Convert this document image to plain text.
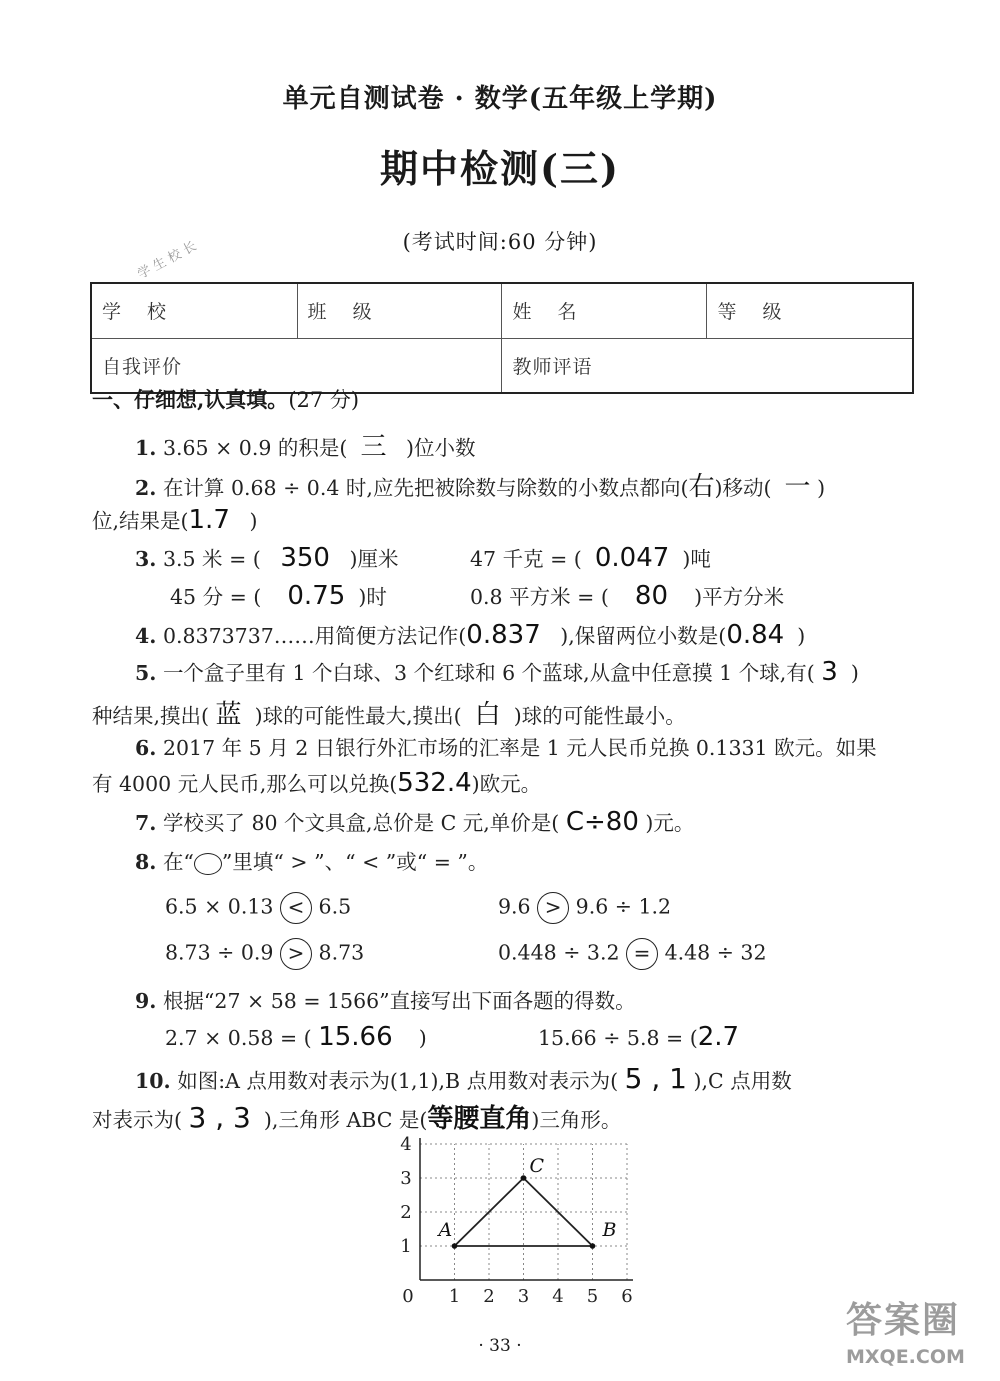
单元自测试卷 · 数学(五年级上学期)
期中检测(三)
(考试时间:60 分钟)
学 生 校 长
学 校	班 级	姓 名	等 级
自我评价		教师评语	
一、仔细想,认真填。(27 分)
1. 3.65 × 0.9 的积是( 三 )位小数
2. 在计算 0.68 ÷ 0.4 时,应先把被除数与除数的小数点都向(右)移动( 一 )
位,结果是(1.7 )
3. 3.5 米 = ( 350 )厘米	47 千克 = ( 0.047 )吨
45 分 = ( 0.75 )时	0.8 平方米 = ( 80 )平方分米
4. 0.8373737……用简便方法记作(0.837 ),保留两位小数是(0.84 )
5. 一个盒子里有 1 个白球、3 个红球和 6 个蓝球,从盒中任意摸 1 个球,有( 3 )
种结果,摸出( 蓝 )球的可能性最大,摸出( 白 )球的可能性最小。
6. 2017 年 5 月 2 日银行外汇市场的汇率是 1 元人民币兑换 0.1331 欧元。如果
有 4000 元人民币,那么可以兑换(532.4)欧元。
7. 学校买了 80 个文具盒,总价是 C 元,单价是( C÷80 )元。
8. 在“ ”里填“ > ”、“ < ”或“ = ”。
6.5 × 0.13 < 6.5	9.6 > 9.6 ÷ 1.2
8.73 ÷ 0.9 > 8.73	0.448 ÷ 3.2 = 4.48 ÷ 32
9. 根据“27 × 58 = 1566”直接写出下面各题的得数。
2.7 × 0.58 = ( 15.66 )	15.66 ÷ 5.8 = (2.7
10. 如图:A 点用数对表示为(1,1),B 点用数对表示为( 5 , 1 ),C 点用数
对表示为( 3 , 3 ),三角形 ABC 是(等腰直角)三角形。
0 1 2 3 4 5 6
1
2
3
4
A	B
C
· 33 ·
答案圈
MXQE.COM
